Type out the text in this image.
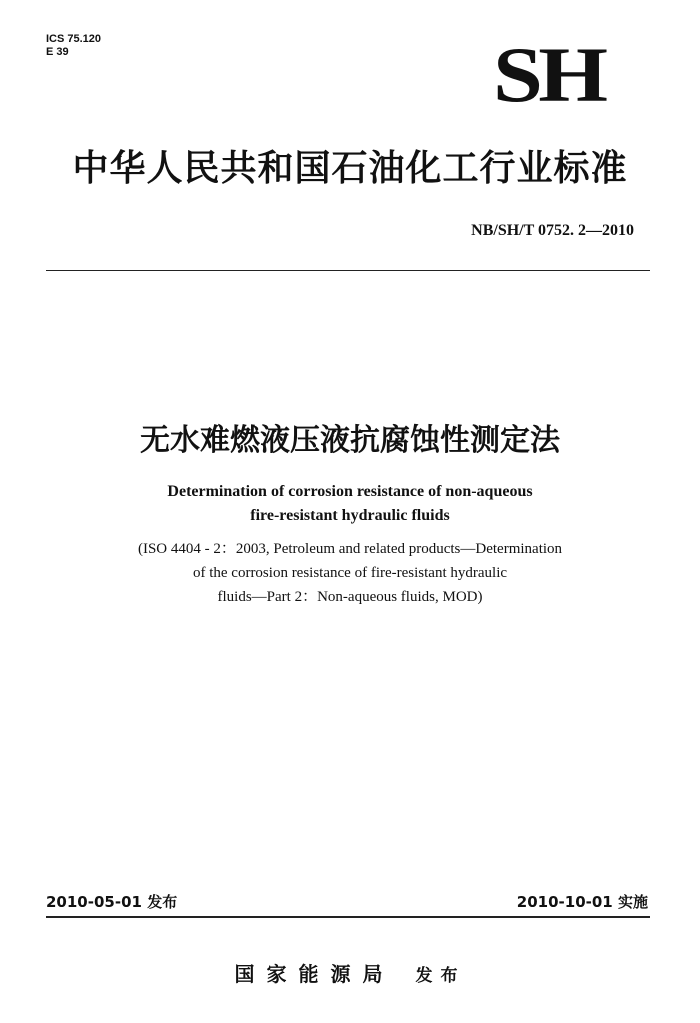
ICS 75.120
E 39	SH
中华人民共和国石油化工行业标准
NB/SH/T 0752. 2—2010
无水难燃液压液抗腐蚀性测定法
Determination of corrosion resistance of non-aqueous
fire-resistant hydraulic fluids
(ISO 4404 - 2：2003, Petroleum and related products—Determination
of the corrosion resistance of fire-resistant hydraulic
fluids—Part 2：Non-aqueous fluids, MOD)
2010-05-01 发布	2010-10-01 实施
国家能源局 发布
